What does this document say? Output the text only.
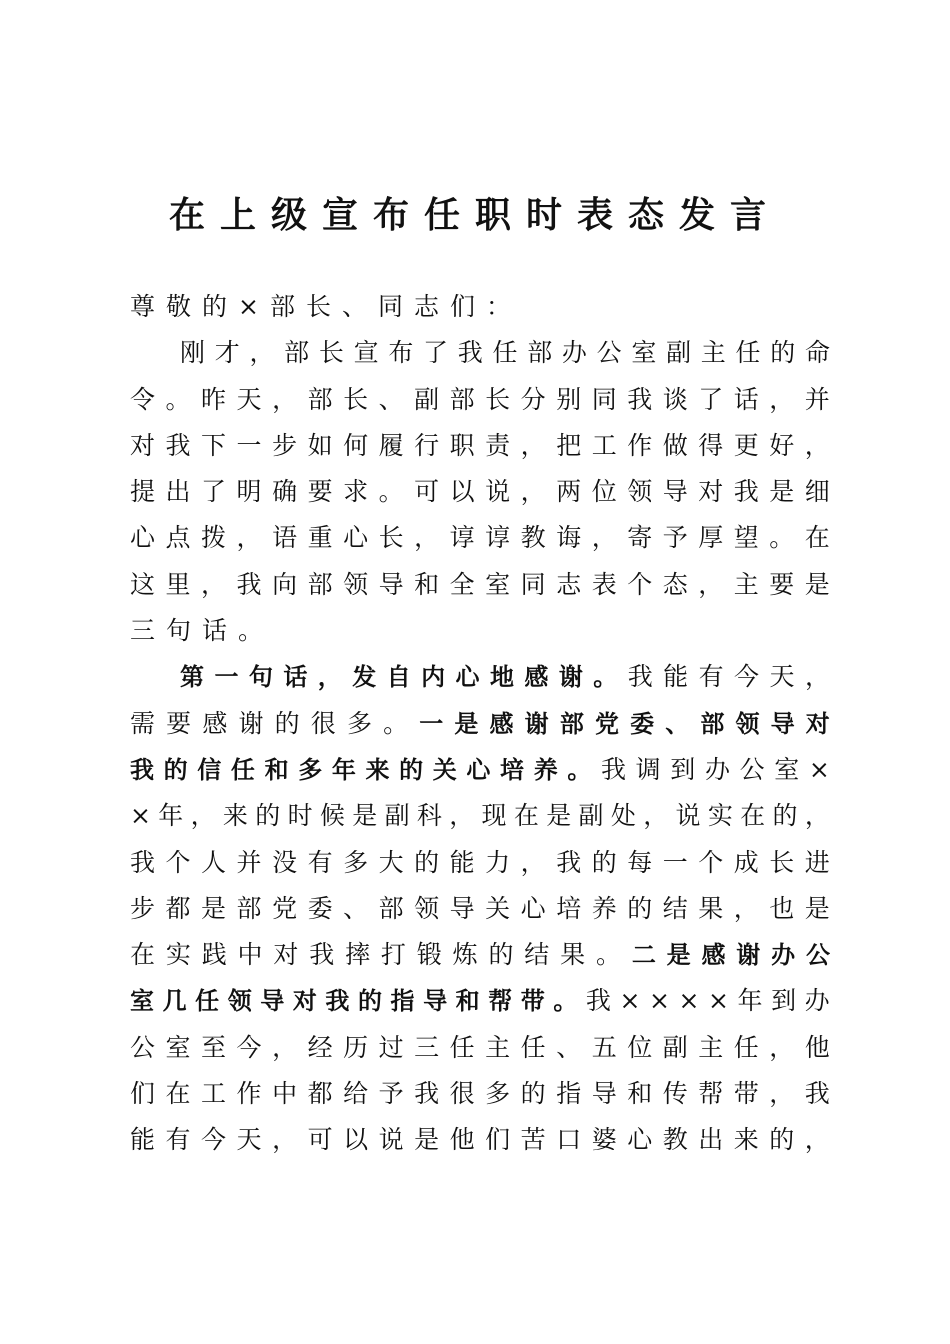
在上级宣布任职时表态发言
尊敬的×部长、同志们：
刚 才 ， 部 长 宣 布 了 我 任 部 办 公 室 副 主 任 的 命
令 。 昨 天 ， 部 长 、 副 部 长 分 别 同 我 谈 了 话 ， 并
对 我 下 一 步 如 何 履 行 职 责 ， 把 工 作 做 得 更 好 ，
提 出 了 明 确 要 求 。 可 以 说 ， 两 位 领 导 对 我 是 细
心 点 拨 ， 语 重 心 长 ， 谆 谆 教 诲 ， 寄 予 厚 望 。 在
这 里 ， 我 向 部 领 导 和 全 室 同 志 表 个 态 ， 主 要 是
三句话。
第 一 句 话 ， 发 自 内 心 地 感 谢 。 我 能 有 今 天 ，
需 要 感 谢 的 很 多 。 一 是 感 谢 部 党 委 、 部 领 导 对
我 的 信 任 和 多 年 来 的 关 心 培 养 。 我 调 到 办 公 室 ×
× 年 ， 来 的 时 候 是 副 科 ， 现 在 是 副 处 ， 说 实 在 的 ，
我 个 人 并 没 有 多 大 的 能 力 ， 我 的 每 一 个 成 长 进
步 都 是 部 党 委 、 部 领 导 关 心 培 养 的 结 果 ， 也 是
在 实 践 中 对 我 摔 打 锻 炼 的 结 果 。 二 是 感 谢 办 公
室 几 任 领 导 对 我 的 指 导 和 帮 带 。 我 × × × × 年 到 办
公 室 至 今 ， 经 历 过 三 任 主 任 、 五 位 副 主 任 ， 他
们 在 工 作 中 都 给 予 我 很 多 的 指 导 和 传 帮 带 ， 我
能 有 今 天 ， 可 以 说 是 他 们 苦 口 婆 心 教 出 来 的 ，
